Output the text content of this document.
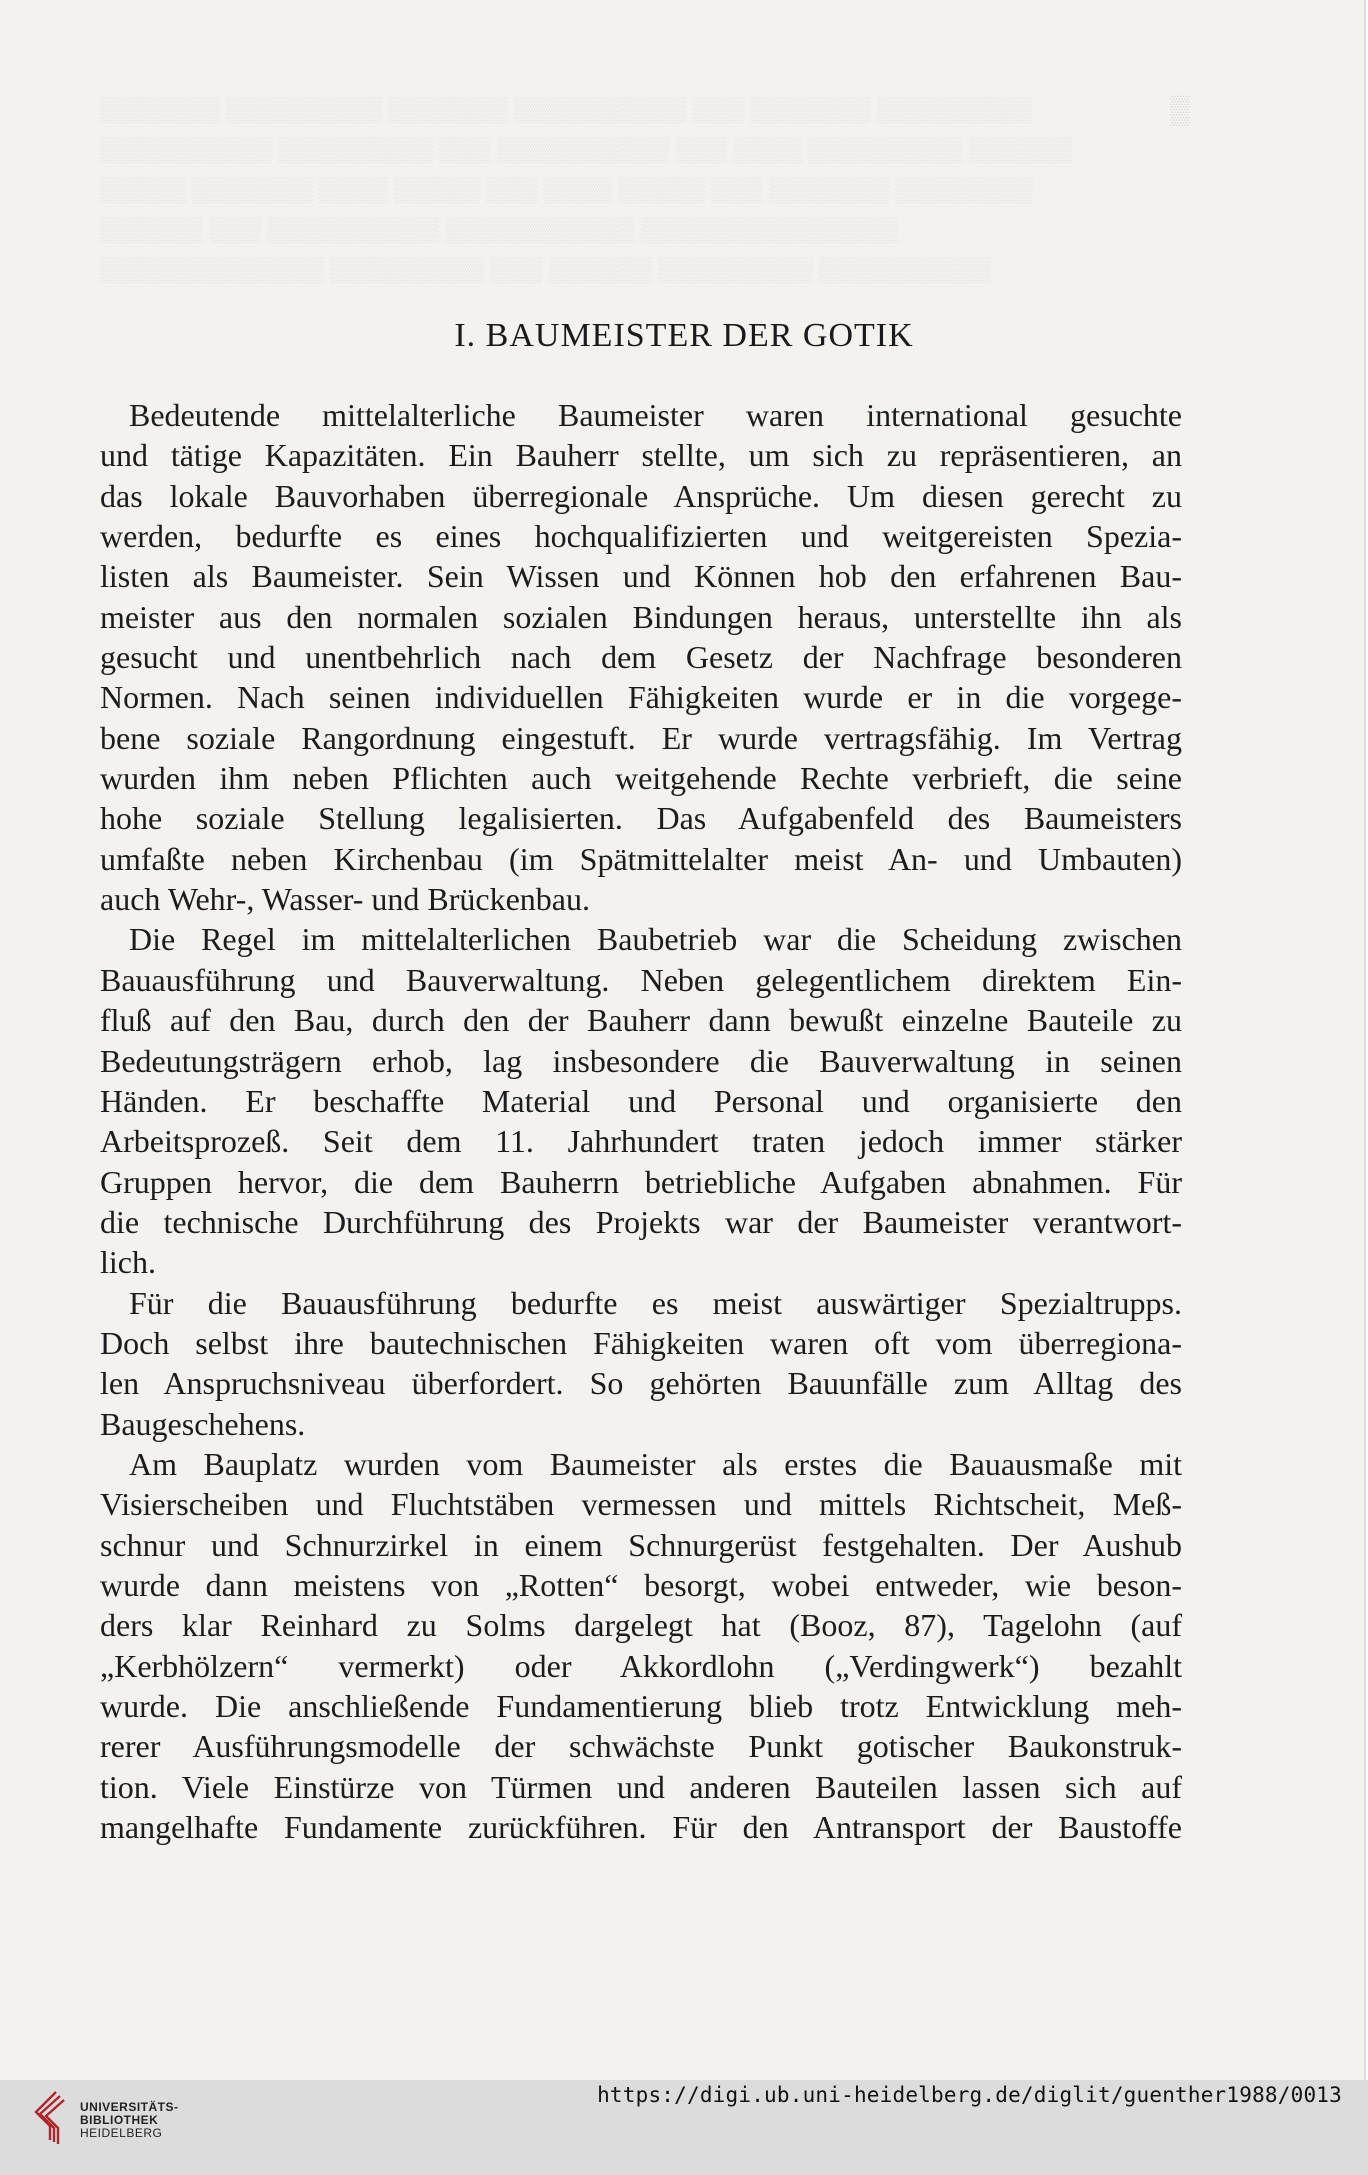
▒▒▒▒▒▒▒ ▒▒▒▒▒▒▒▒▒ ▒▒▒▒▒▒▒ ▒▒▒▒▒▒▒▒▒▒ ▒▒▒ ▒▒▒▒▒▒▒ ▒▒▒▒▒▒▒▒▒
▒▒▒▒▒▒▒▒▒▒ ▒▒▒▒▒▒▒▒▒ ▒▒▒ ▒▒▒▒▒▒▒▒▒▒ ▒▒▒ ▒▒▒▒ ▒▒▒▒▒▒▒▒▒ ▒▒▒▒▒▒
▒▒▒▒▒ ▒▒▒▒▒▒▒ ▒▒▒▒ ▒▒▒▒▒ ▒▒▒ ▒▒▒▒ ▒▒▒▒▒ ▒▒▒ ▒▒▒▒▒▒▒ ▒▒▒▒▒▒▒▒
▒▒▒▒▒▒ ▒▒▒ ▒▒▒▒▒▒▒▒▒▒ ▒▒▒▒▒▒▒▒▒▒▒ ▒▒▒▒▒▒▒▒▒▒▒▒▒▒▒
▒▒▒▒▒▒▒▒▒▒▒▒▒ ▒▒▒▒▒▒▒▒▒ ▒▒▒ ▒▒▒▒▒▒ ▒▒▒▒▒▒▒▒▒ ▒▒▒▒▒▒▒▒▒▒
▒
I. BAUMEISTER DER GOTIK
Bedeutende mittelalterliche Baumeister waren international gesuchte
und tätige Kapazitäten. Ein Bauherr stellte, um sich zu repräsentieren, an
das lokale Bauvorhaben überregionale Ansprüche. Um diesen gerecht zu
werden, bedurfte es eines hochqualifizierten und weitgereisten Spezia-
listen als Baumeister. Sein Wissen und Können hob den erfahrenen Bau-
meister aus den normalen sozialen Bindungen heraus, unterstellte ihn als
gesucht und unentbehrlich nach dem Gesetz der Nachfrage besonderen
Normen. Nach seinen individuellen Fähigkeiten wurde er in die vorgege-
bene soziale Rangordnung eingestuft. Er wurde vertragsfähig. Im Vertrag
wurden ihm neben Pflichten auch weitgehende Rechte verbrieft, die seine
hohe soziale Stellung legalisierten. Das Aufgabenfeld des Baumeisters
umfaßte neben Kirchenbau (im Spätmittelalter meist An- und Umbauten)
auch Wehr-, Wasser- und Brückenbau.
Die Regel im mittelalterlichen Baubetrieb war die Scheidung zwischen
Bauausführung und Bauverwaltung. Neben gelegentlichem direktem Ein-
fluß auf den Bau, durch den der Bauherr dann bewußt einzelne Bauteile zu
Bedeutungsträgern erhob, lag insbesondere die Bauverwaltung in seinen
Händen. Er beschaffte Material und Personal und organisierte den
Arbeitsprozeß. Seit dem 11. Jahrhundert traten jedoch immer stärker
Gruppen hervor, die dem Bauherrn betriebliche Aufgaben abnahmen. Für
die technische Durchführung des Projekts war der Baumeister verantwort-
lich.
Für die Bauausführung bedurfte es meist auswärtiger Spezialtrupps.
Doch selbst ihre bautechnischen Fähigkeiten waren oft vom überregiona-
len Anspruchsniveau überfordert. So gehörten Bauunfälle zum Alltag des
Baugeschehens.
Am Bauplatz wurden vom Baumeister als erstes die Bauausmaße mit
Visierscheiben und Fluchtstäben vermessen und mittels Richtscheit, Meß-
schnur und Schnurzirkel in einem Schnurgerüst festgehalten. Der Aushub
wurde dann meistens von „Rotten“ besorgt, wobei entweder, wie beson-
ders klar Reinhard zu Solms dargelegt hat (Booz, 87), Tagelohn (auf
„Kerbhölzern“ vermerkt) oder Akkordlohn („Verdingwerk“) bezahlt
wurde. Die anschließende Fundamentierung blieb trotz Entwicklung meh-
rerer Ausführungsmodelle der schwächste Punkt gotischer Baukonstruk-
tion. Viele Einstürze von Türmen und anderen Bauteilen lassen sich auf
mangelhafte Fundamente zurückführen. Für den Antransport der Baustoffe
UNIVERSITÄTS-
BIBLIOTHEK
HEIDELBERG
https://digi.ub.uni-heidelberg.de/diglit/guenther1988/0013
